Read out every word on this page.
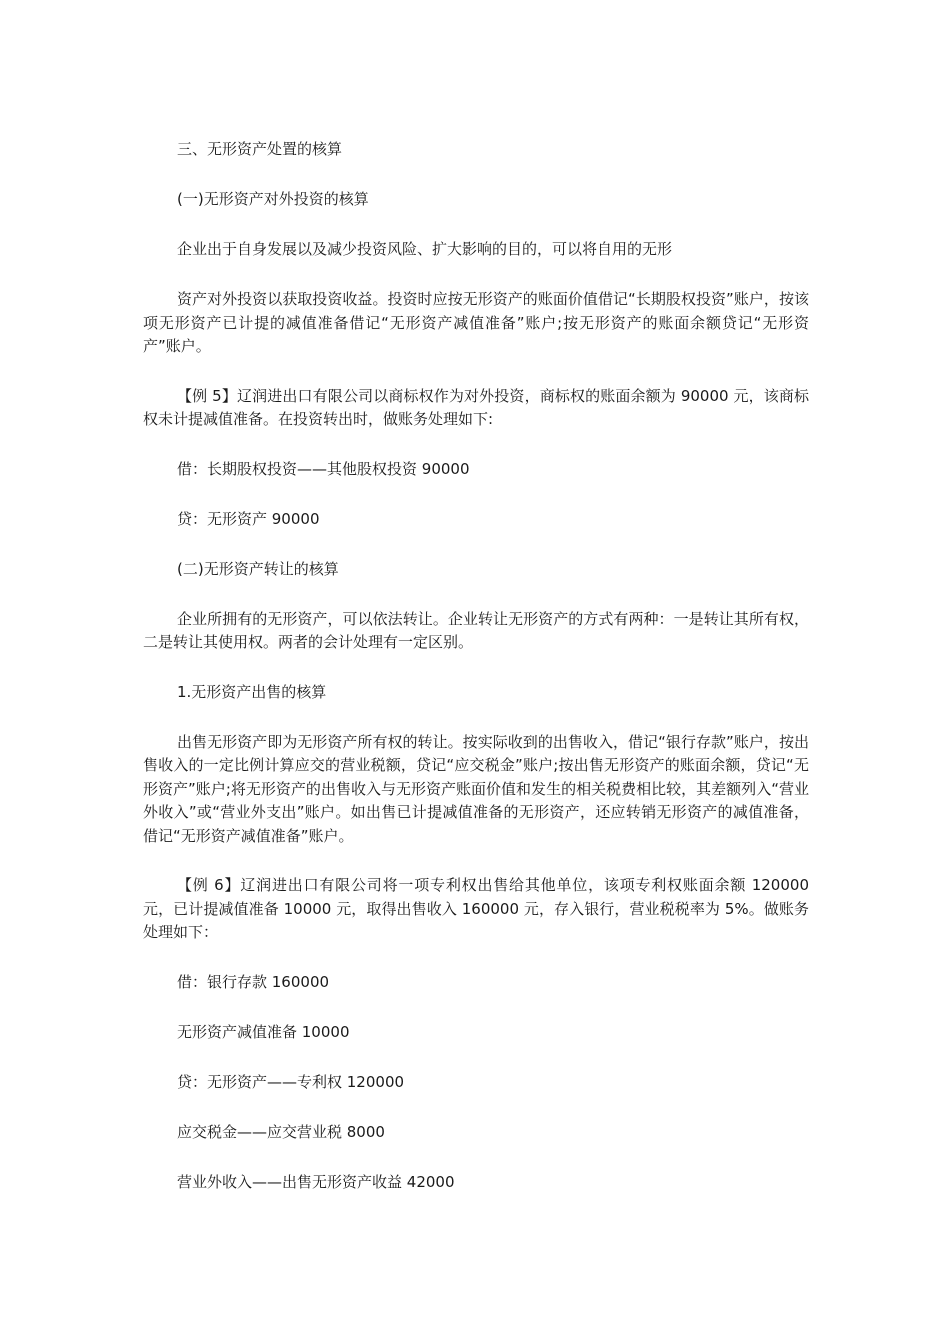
三、无形资产处置的核算

(一)无形资产对外投资的核算

企业出于自身发展以及减少投资风险、扩大影响的目的，可以将自用的无形

资产对外投资以获取投资收益。投资时应按无形资产的账面价值借记“长期股权投资”账户，按该项无形资产已计提的减值准备借记“无形资产减值准备”账户;按无形资产的账面余额贷记“无形资产”账户。

【例 5】辽润进出口有限公司以商标权作为对外投资，商标权的账面余额为 90000 元，该商标权未计提减值准备。在投资转出时，做账务处理如下:

借：长期股权投资——其他股权投资 90000

贷：无形资产 90000

(二)无形资产转让的核算

企业所拥有的无形资产，可以依法转让。企业转让无形资产的方式有两种：一是转让其所有权，二是转让其使用权。两者的会计处理有一定区别。

1.无形资产出售的核算

出售无形资产即为无形资产所有权的转让。按实际收到的出售收入，借记“银行存款”账户，按出售收入的一定比例计算应交的营业税额，贷记“应交税金”账户;按出售无形资产的账面余额，贷记“无形资产”账户;将无形资产的出售收入与无形资产账面价值和发生的相关税费相比较，其差额列入“营业外收入”或“营业外支出”账户。如出售已计提减值准备的无形资产，还应转销无形资产的减值准备，借记“无形资产减值准备”账户。

【例 6】辽润进出口有限公司将一项专利权出售给其他单位，该项专利权账面余额 120000 元，已计提减值准备 10000 元，取得出售收入 160000 元，存入银行，营业税税率为 5%。做账务处理如下：

借：银行存款 160000

无形资产减值准备 10000

贷：无形资产——专利权 120000

应交税金——应交营业税 8000

营业外收入——出售无形资产收益 42000
